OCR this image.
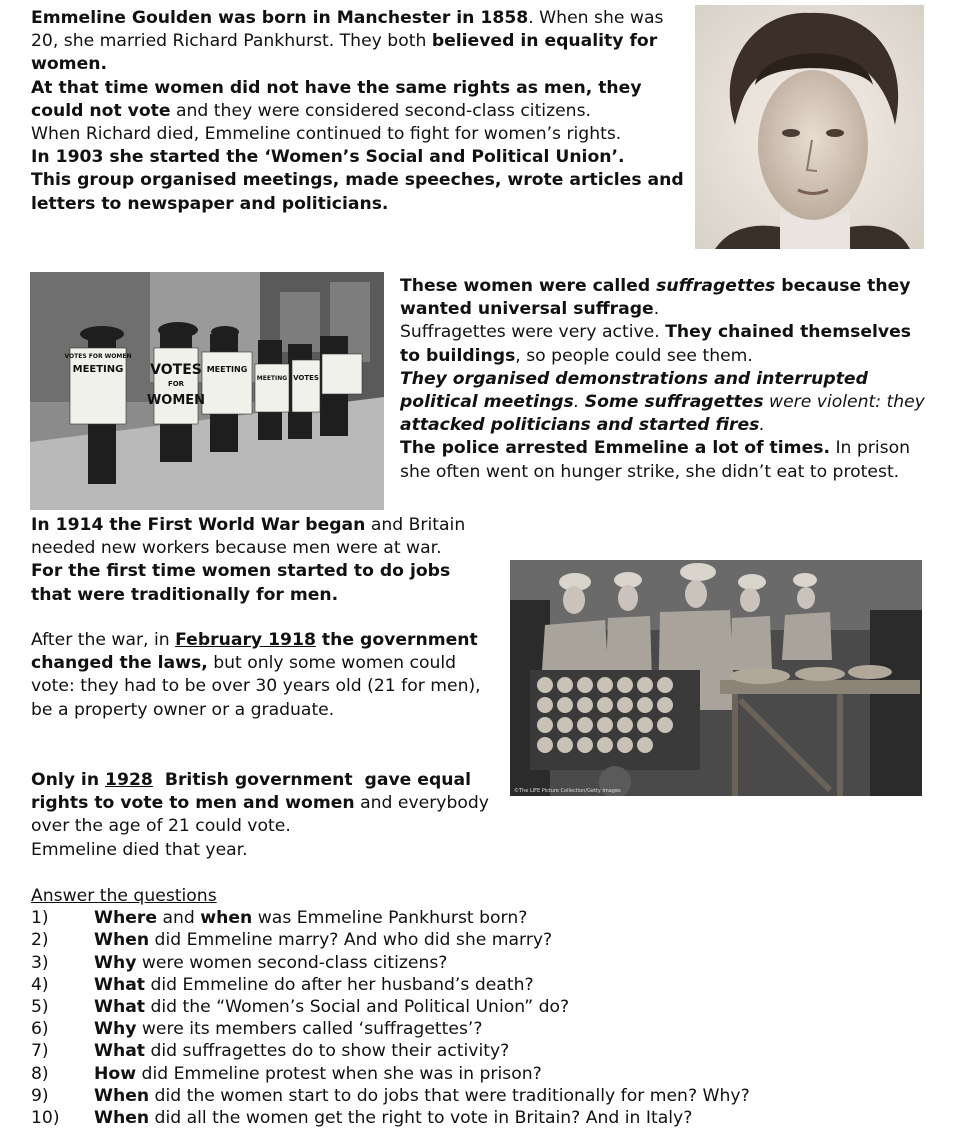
Emmeline Goulden was born in Manchester in 1858. When she was 20, she married Richard Pankhurst. They both believed in equality for women.
At that time women did not have the same rights as men, they could not vote and they were considered second-class citizens.
When Richard died, Emmeline continued to fight for women’s rights.
In 1903 she started the ‘Women’s Social and Political Union’.
This group organised meetings, made speeches, wrote articles and letters to newspaper and politicians.
VOTES FOR WOMEN
MEETING VOTES
FOR
WOMEN
MEETING
MEETING VOTES
These women were called suffragettes because they wanted universal suffrage.
Suffragettes were very active. They chained themselves to buildings, so people could see them.
They organised demonstrations and interrupted political meetings. Some suffragettes were violent: they attacked politicians and started fires.
The police arrested Emmeline a lot of times. In prison she often went on hunger strike, she didn’t eat to protest.
In 1914 the First World War began and Britain needed new workers because men were at war. For the first time women started to do jobs that were traditionally for men.
©The LIFE Picture Collection/Getty Images
After the war, in February 1918 the government changed the laws, but only some women could vote: they had to be over 30 years old (21 for men), be a property owner or a graduate.
Only in 1928  British government  gave equal rights to vote to men and women and everybody over the age of 21 could vote.
Emmeline died that year.
Answer the questions
1)	Where and when was Emmeline Pankhurst born?
2)	When did Emmeline marry? And who did she marry?
3)	Why were women second-class citizens?
4)	What did Emmeline do after her husband’s death?
5)	What did the “Women’s Social and Political Union” do?
6)	Why were its members called ‘suffragettes’?
7)	What did suffragettes do to show their activity?
8)	How did Emmeline protest when she was in prison?
9)	When did the women start to do jobs that were traditionally for men? Why?
10) When did all the women get the right to vote in Britain? And in Italy?
